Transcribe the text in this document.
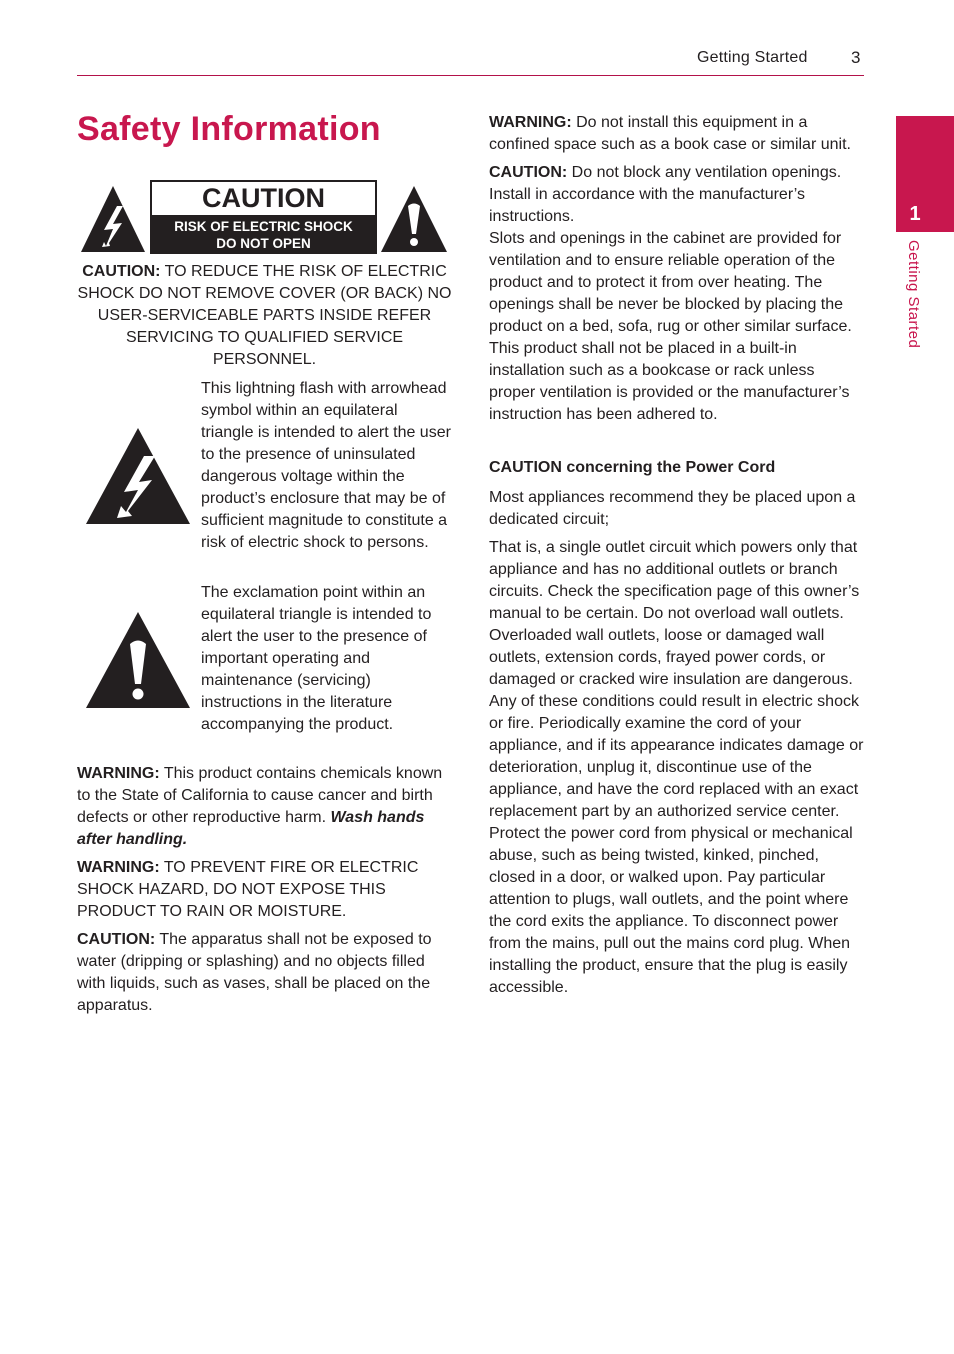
Getting Started	3
1
Getting Started
Safety Information
CAUTION
RISK OF ELECTRIC SHOCK
DO NOT OPEN

CAUTION: TO REDUCE THE RISK OF ELECTRIC SHOCK DO NOT REMOVE COVER (OR BACK) NO USER-SERVICEABLE PARTS INSIDE REFER SERVICING TO QUALIFIED SERVICE PERSONNEL.

This lightning flash with arrowhead symbol within an equilateral triangle is intended to alert the user to the presence of uninsulated dangerous voltage within the product’s enclosure that may be of sufficient magnitude to constitute a risk of electric shock to persons.

The exclamation point within an equilateral triangle is intended to alert the user to the presence of important operating and maintenance (servicing) instructions in the literature accompanying the product.

WARNING: This product contains chemicals known to the State of California to cause cancer and birth defects or other reproductive harm. Wash hands after handling.

WARNING: TO PREVENT FIRE OR ELECTRIC SHOCK HAZARD, DO NOT EXPOSE THIS PRODUCT TO RAIN OR MOISTURE.

CAUTION: The apparatus shall not be exposed to water (dripping or splashing) and no objects filled with liquids, such as vases, shall be placed on the apparatus.

WARNING: Do not install this equipment in a confined space such as a book case or similar unit.

CAUTION: Do not block any ventilation openings. Install in accordance with the manufacturer’s instructions.

Slots and openings in the cabinet are provided for ventilation and to ensure reliable operation of the product and to protect it from over heating. The openings shall be never be blocked by placing the product on a bed, sofa, rug or other similar surface. This product shall not be placed in a built-in installation such as a bookcase or rack unless proper ventilation is provided or the manufacturer’s instruction has been adhered to.

CAUTION concerning the Power Cord

Most appliances recommend they be placed upon a dedicated circuit;

That is, a single outlet circuit which powers only that appliance and has no additional outlets or branch circuits. Check the specification page of this owner’s manual to be certain. Do not overload wall outlets. Overloaded wall outlets, loose or damaged wall outlets, extension cords, frayed power cords, or damaged or cracked wire insulation are dangerous. Any of these conditions could result in electric shock or fire. Periodically examine the cord of your appliance, and if its appearance indicates damage or deterioration, unplug it, discontinue use of the appliance, and have the cord replaced with an exact replacement part by an authorized service center. Protect the power cord from physical or mechanical abuse, such as being twisted, kinked, pinched, closed in a door, or walked upon. Pay particular attention to plugs, wall outlets, and the point where the cord exits the appliance. To disconnect power from the mains, pull out the mains cord plug. When installing the product, ensure that the plug is easily accessible.
